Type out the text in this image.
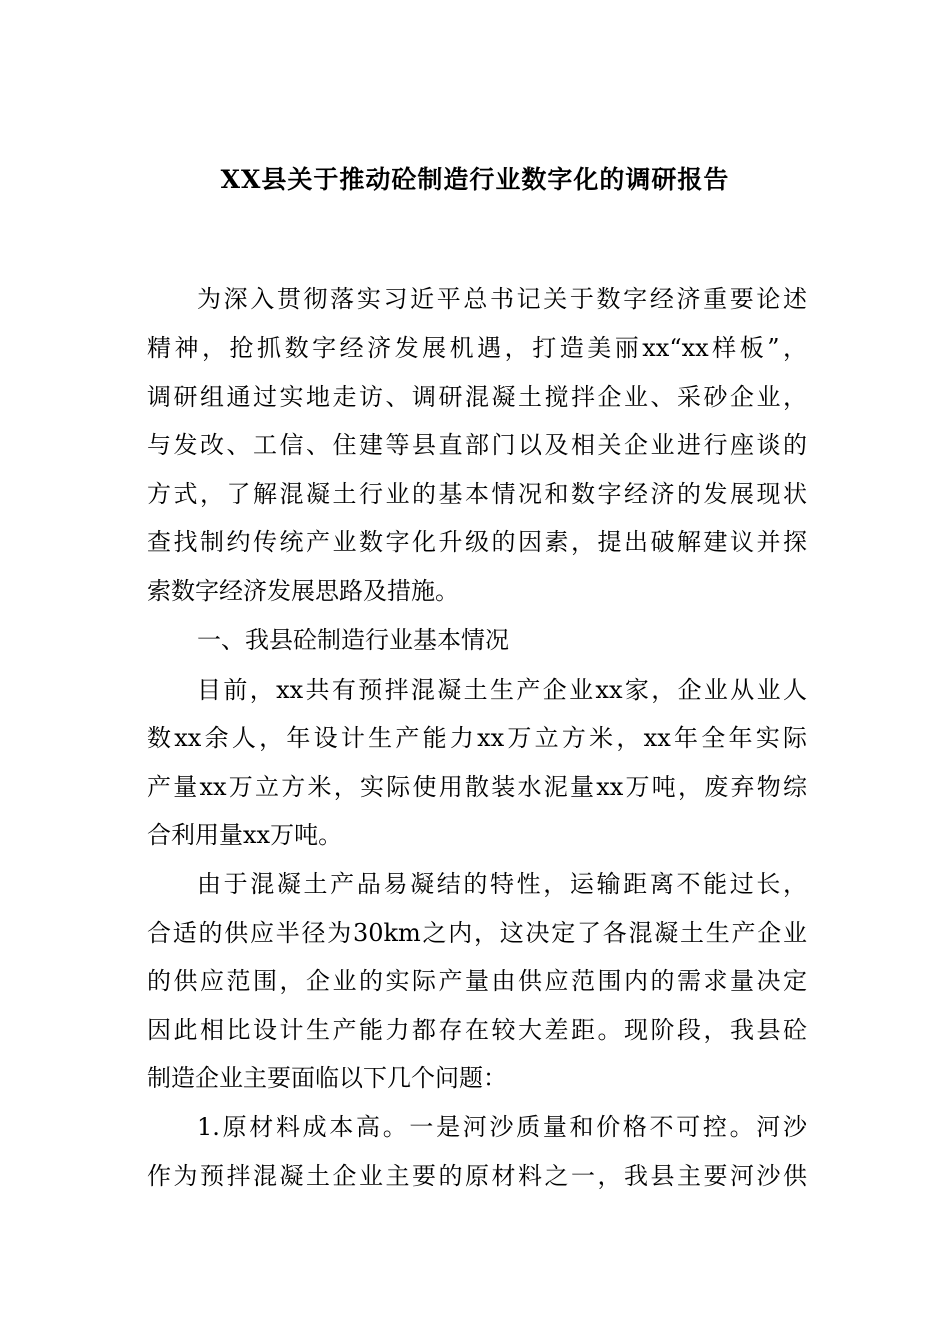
XX县关于推动砼制造行业数字化的调研报告
为深入贯彻落实习近平总书记关于数字经济重要论述
精神，抢抓数字经济发展机遇，打造美丽xx“xx样板”，
调研组通过实地走访、调研混凝土搅拌企业、采砂企业，
与发改、工信、住建等县直部门以及相关企业进行座谈的
方式，了解混凝土行业的基本情况和数字经济的发展现状
查找制约传统产业数字化升级的因素，提出破解建议并探
索数字经济发展思路及措施。
一、我县砼制造行业基本情况
目前，xx共有预拌混凝土生产企业xx家，企业从业人
数xx余人，年设计生产能力xx万立方米，xx年全年实际
产量xx万立方米，实际使用散装水泥量xx万吨，废弃物综
合利用量xx万吨。
由于混凝土产品易凝结的特性，运输距离不能过长，
合适的供应半径为30km之内，这决定了各混凝土生产企业
的供应范围，企业的实际产量由供应范围内的需求量决定
因此相比设计生产能力都存在较大差距。现阶段，我县砼
制造企业主要面临以下几个问题：
1.原材料成本高。一是河沙质量和价格不可控。河沙
作为预拌混凝土企业主要的原材料之一，我县主要河沙供
